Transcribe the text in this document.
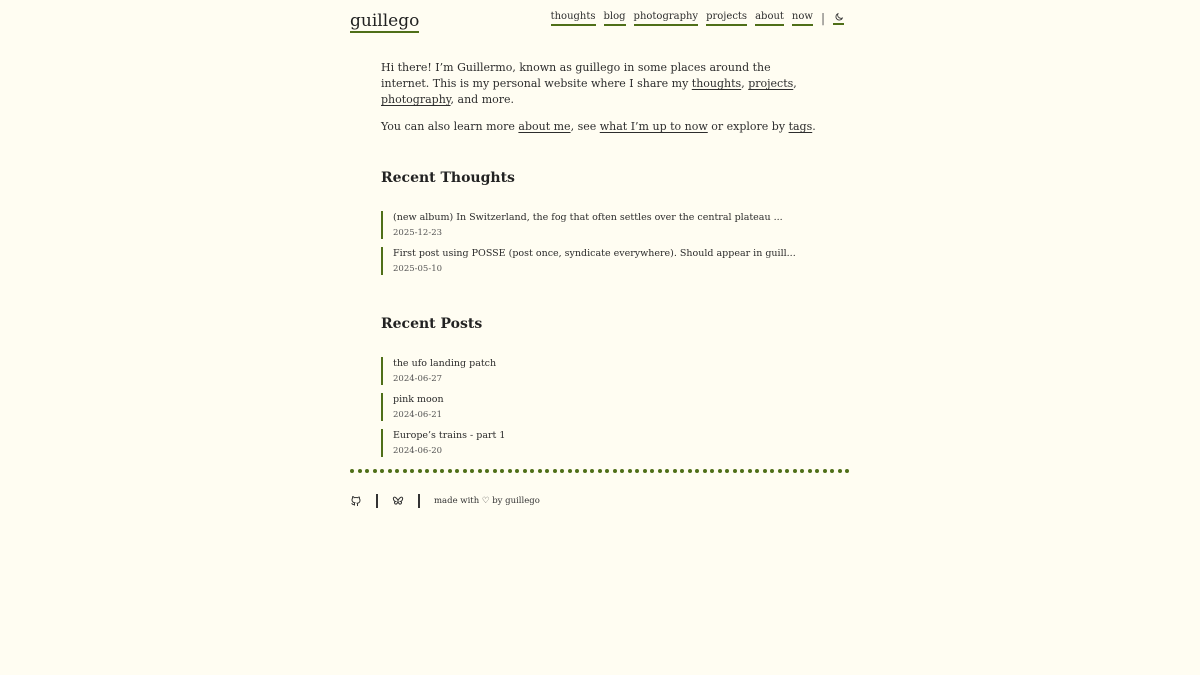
guillego	thoughts blog photography projects about now |

Hi there! I’m Guillermo, known as guillego in some places around the internet. This is my personal website where I share my thoughts, projects, photography, and more.

You can also learn more about me, see what I’m up to now or explore by tags.

Recent Thoughts
(new album) In Switzerland, the fog that often settles over the central plateau ...
2025-12-23
First post using POSSE (post once, syndicate everywhere). Should appear in guill...
2025-05-10
Recent Posts
the ufo landing patch
2024-06-27
pink moon
2024-06-21
Europe’s trains - part 1
2024-06-20
made with ♡ by guillego
